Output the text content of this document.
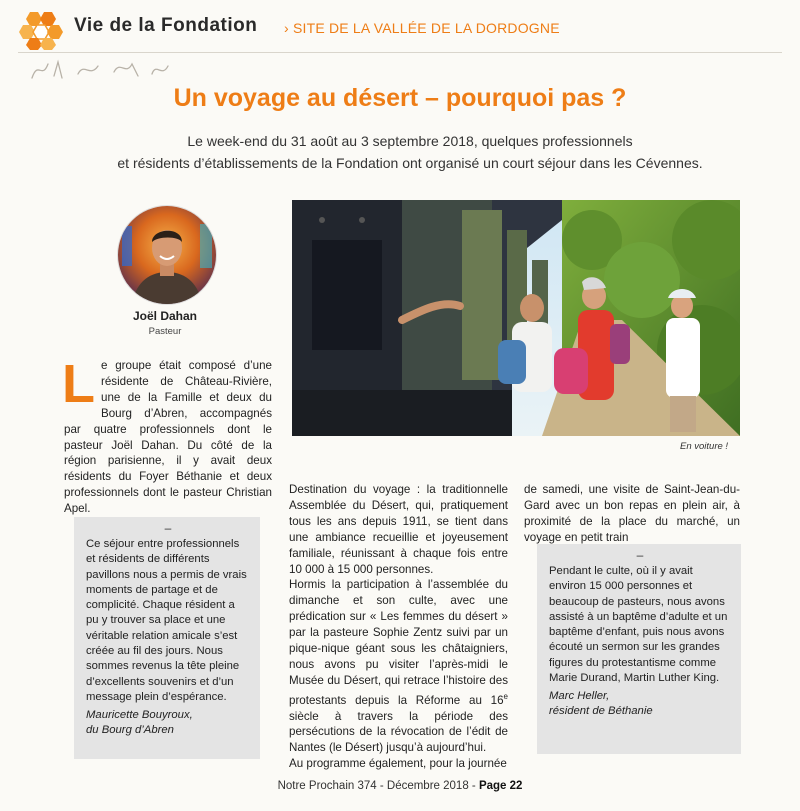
Vie de la Fondation › SITE DE LA VALLÉE DE LA DORDOGNE
Un voyage au désert – pourquoi pas ?
Le week-end du 31 août au 3 septembre 2018, quelques professionnels
et résidents d’établissements de la Fondation ont organisé un court séjour dans les Cévennes.
Joël Dahan
Pasteur
Le groupe était composé d’une résidente de Château-Rivière, une de la Famille et deux du Bourg d’Abren, accompagnés par quatre professionnels dont le pasteur Joël Dahan. Du côté de la région parisienne, il y avait deux résidents du Foyer Béthanie et deux professionnels dont le pasteur Christian Apel.
En voiture !
Destination du voyage : la traditionnelle Assemblée du Désert, qui, pratiquement tous les ans depuis 1911, se tient dans une ambiance recueillie et joyeusement familiale, réunissant à chaque fois entre 10 000 à 15 000 personnes.
Hormis la participation à l’assemblée du dimanche et son culte, avec une prédication sur « Les femmes du désert » par la pasteure Sophie Zentz suivi par un pique-nique géant sous les châtaigniers, nous avons pu visiter l’après-midi le Musée du Désert, qui retrace l’histoire des protestants depuis la Réforme au 16e siècle à travers la période des persécutions de la révocation de l’édit de Nantes (le Désert) jusqu’à aujourd’hui.
Au programme également, pour la journée
de samedi, une visite de Saint-Jean-du-Gard avec un bon repas en plein air, à proximité de la place du marché, un voyage en petit train
–
Ce séjour entre professionnels et résidents de différents pavillons nous a permis de vrais moments de partage et de complicité. Chaque résident a pu y trouver sa place et une véritable relation amicale s’est créée au fil des jours. Nous sommes revenus la tête pleine d’excellents souvenirs et d’un message plein d’espérance.
Mauricette Bouyroux,
du Bourg d’Abren
–
Pendant le culte, où il y avait environ 15 000 personnes et beaucoup de pasteurs, nous avons assisté à un baptême d’adulte et un baptême d’enfant, puis nous avons écouté un sermon sur les grandes figures du protestantisme comme Marie Durand, Martin Luther King.
Marc Heller,
résident de Béthanie
Notre Prochain 374 - Décembre 2018 - Page 22
